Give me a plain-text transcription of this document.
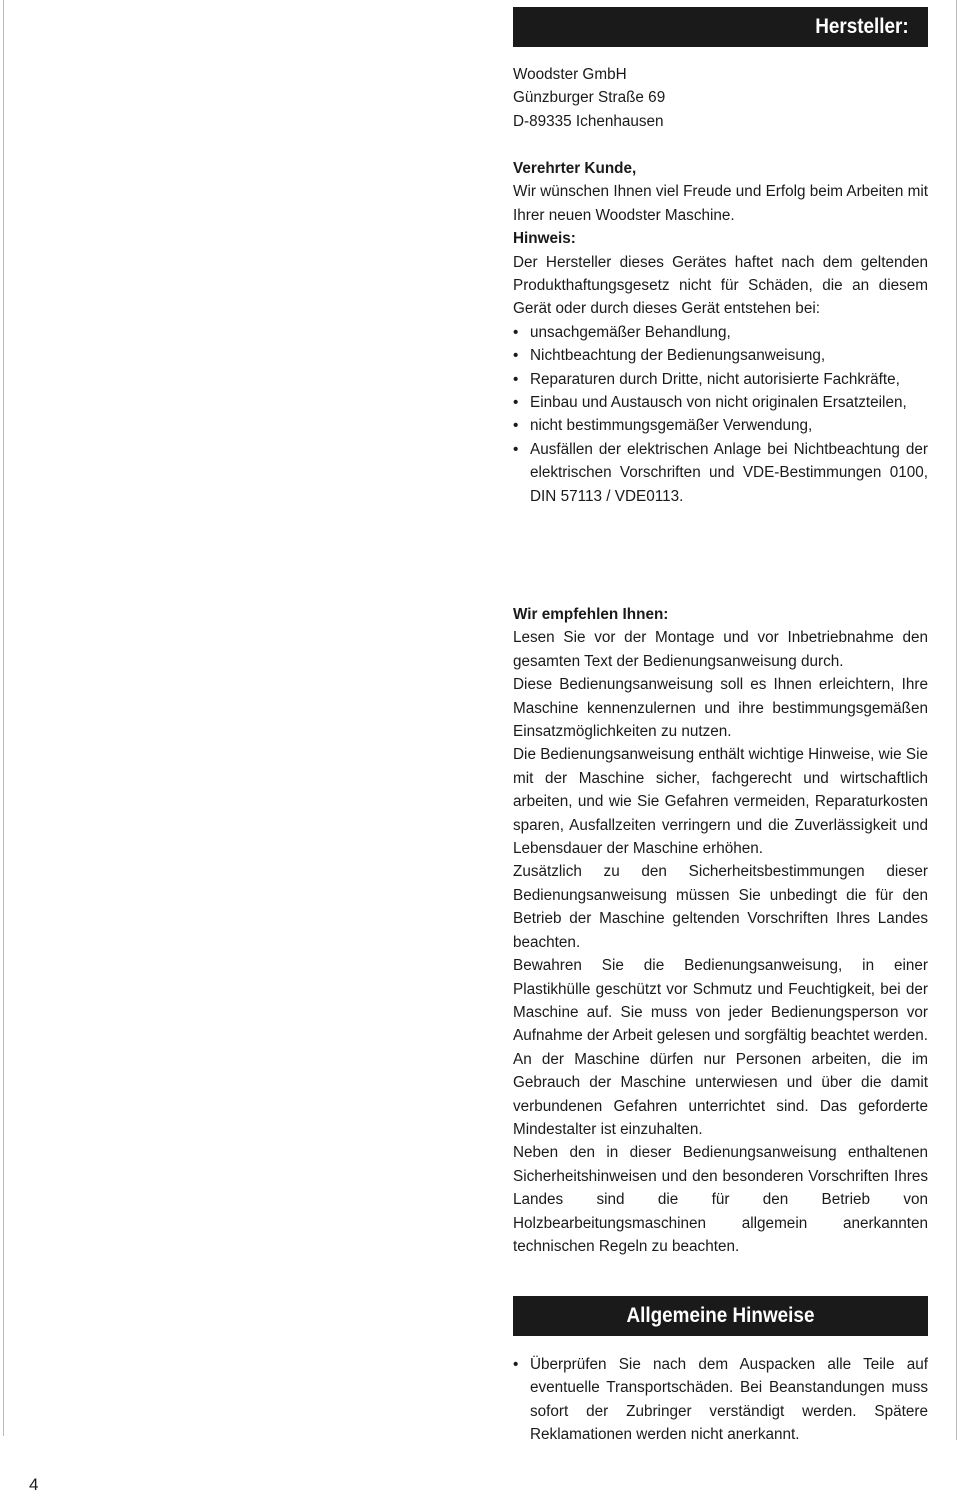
Hersteller:
Woodster GmbH
Günzburger Straße 69
D-89335 Ichenhausen

Verehrter Kunde,

Wir wünschen Ihnen viel Freude und Erfolg beim Arbeiten mit Ihrer neuen Woodster Maschine.

Hinweis:

Der Hersteller dieses Gerätes haftet nach dem geltenden Produkthaftungsgesetz nicht für Schäden, die an diesem Gerät oder durch dieses Gerät entstehen bei:

• unsachgemäßer Behandlung,
• Nichtbeachtung der Bedienungsanweisung,
• Reparaturen durch Dritte, nicht autorisierte Fachkräfte,
• Einbau und Austausch von nicht originalen Ersatzteilen,
• nicht bestimmungsgemäßer Verwendung,
• Ausfällen der elektrischen Anlage bei Nichtbeachtung der elektrischen Vorschriften und VDE-Bestimmungen 0100, DIN 57113 / VDE0113.

Wir empfehlen Ihnen:

Lesen Sie vor der Montage und vor Inbetriebnahme den gesamten Text der Bedienungsanweisung durch.

Diese Bedienungsanweisung soll es Ihnen erleichtern, Ihre Maschine kennenzulernen und ihre bestimmungsgemäßen Einsatzmöglichkeiten zu nutzen.

Die Bedienungsanweisung enthält wichtige Hinweise, wie Sie mit der Maschine sicher, fachgerecht und wirtschaftlich arbeiten, und wie Sie Gefahren vermeiden, Reparaturkosten sparen, Ausfallzeiten verringern und die Zuverlässigkeit und Lebensdauer der Maschine erhöhen.

Zusätzlich zu den Sicherheitsbestimmungen dieser Bedienungsanweisung müssen Sie unbedingt die für den Betrieb der Maschine geltenden Vorschriften Ihres Landes beachten.

Bewahren Sie die Bedienungsanweisung, in einer Plastikhülle geschützt vor Schmutz und Feuchtigkeit, bei der Maschine auf. Sie muss von jeder Bedienungsperson vor Aufnahme der Arbeit gelesen und sorgfältig beachtet werden. An der Maschine dürfen nur Personen arbeiten, die im Gebrauch der Maschine unterwiesen und über die damit verbundenen Gefahren unterrichtet sind. Das geforderte Mindestalter ist einzuhalten.

Neben den in dieser Bedienungsanweisung enthaltenen Sicherheitshinweisen und den besonderen Vorschriften Ihres Landes sind die für den Betrieb von Holzbearbeitungsmaschinen allgemein anerkannten technischen Regeln zu beachten.

Allgemeine Hinweise
• Überprüfen Sie nach dem Auspacken alle Teile auf eventuelle Transportschäden. Bei Beanstandungen muss sofort der Zubringer verständigt werden. Spätere Reklamationen werden nicht anerkannt.
4
